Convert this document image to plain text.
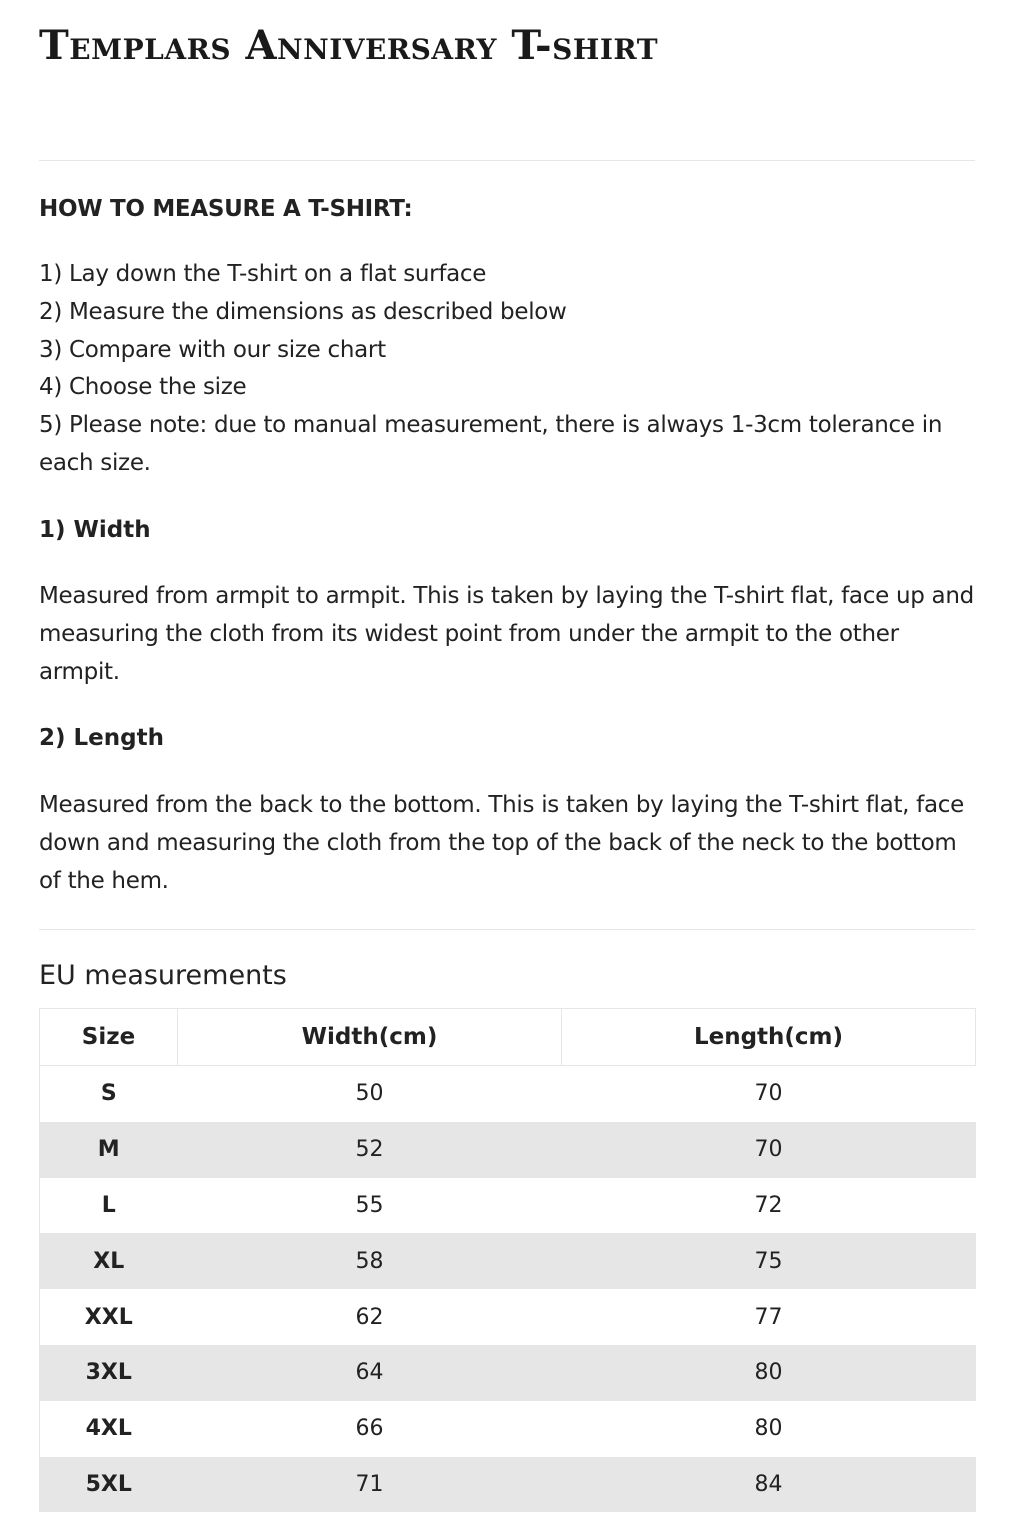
Templars Anniversary T-shirt
HOW TO MEASURE A T-SHIRT:
1) Lay down the T-shirt on a flat surface
2) Measure the dimensions as described below
3) Compare with our size chart
4) Choose the size
5) Please note: due to manual measurement, there is always 1-3cm tolerance in each size.
1) Width

Measured from armpit to armpit. This is taken by laying the T-shirt flat, face up and measuring the cloth from its widest point from under the armpit to the other armpit.

2) Length

Measured from the back to the bottom. This is taken by laying the T-shirt flat, face down and measuring the cloth from the top of the back of the neck to the bottom of the hem.

EU measurements
Size	Width(cm)	Length(cm)
S	50	70
M	52	70
L	55	72
XL	58	75
XXL	62	77
3XL	64	80
4XL	66	80
5XL	71	84
